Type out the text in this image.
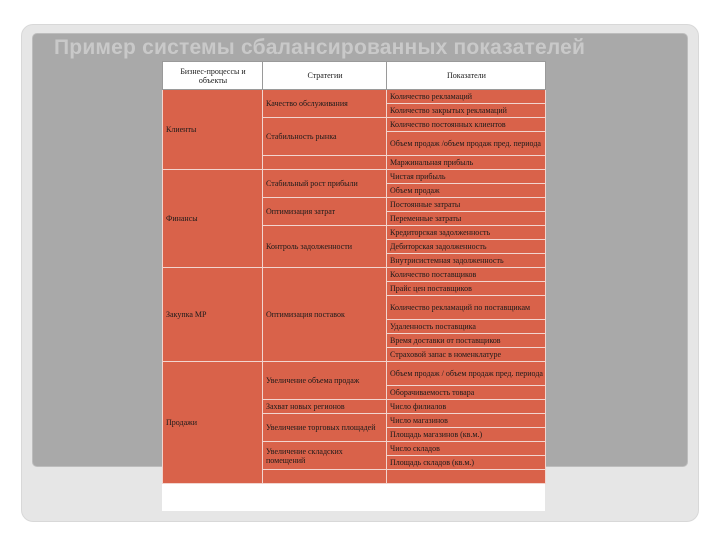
Пример системы сбалансированных показателей
Бизнес-процессы и объекты	Стратегии	Показатели
Клиенты	Качество обслуживания	Количество рекламаций
		Количество закрытых рекламаций
	Стабильность рынка	Количество постоянных клиентов
		Объем продаж /объем продаж пред. периода
		Маржинальная прибыль
Финансы	Стабильный рост прибыли	Чистая прибыль
		Объем продаж
	Оптимизация затрат	Постоянные затраты
		Переменные затраты
	Контроль задолженности	Кредиторская задолженность
		Дебиторская задолженность
		Внутрисистемная задолженность
Закупка МР	Оптимизация поставок	Количество поставщиков
		Прайс цен поставщиков
		Количество рекламаций по поставщикам
		Удаленность поставщика
		Время доставки от поставщиков
		Страховой запас в номенклатуре
Продажи	Увеличение объема продаж	Объем продаж / объем продаж пред. периода
		Оборачиваемость товара
	Захват новых регионов	Число филиалов
	Увеличение торговых площадей	Число магазинов
		Площадь магазинов (кв.м.)
	Увеличение складских помещений	Число складов
		Площадь складов (кв.м.)
